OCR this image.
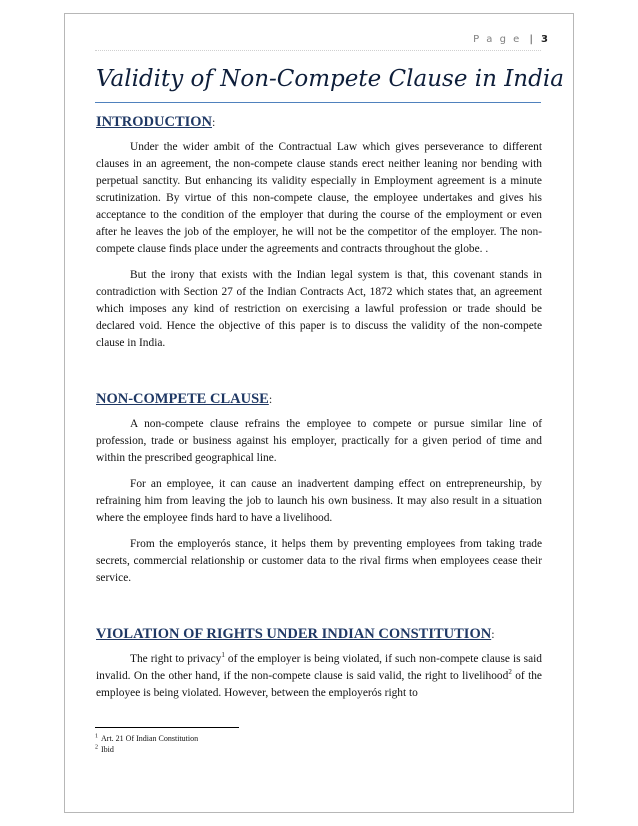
P a g e | 3
Validity of Non-Compete Clause in India
INTRODUCTION:

Under the wider ambit of the Contractual Law which gives perseverance to different clauses in an agreement, the non-compete clause stands erect neither leaning nor bending with perpetual sanctity. But enhancing its validity especially in Employment agreement is a minute scrutinization. By virtue of this non-compete clause, the employee undertakes and gives his acceptance to the condition of the employer that during the course of the employment or even after he leaves the job of the employer, he will not be the competitor of the employer. The non-compete clause finds place under the agreements and contracts throughout the globe. .

But the irony that exists with the Indian legal system is that, this covenant stands in contradiction with Section 27 of the Indian Contracts Act, 1872 which states that, an agreement which imposes any kind of restriction on exercising a lawful profession or trade should be declared void. Hence the objective of this paper is to discuss the validity of the non-compete clause in India.

NON-COMPETE CLAUSE:

A non-compete clause refrains the employee to compete or pursue similar line of profession, trade or business against his employer, practically for a given period of time and within the prescribed geographical line.

For an employee, it can cause an inadvertent damping effect on entrepreneurship, by refraining him from leaving the job to launch his own business. It may also result in a situation where the employee finds hard to have a livelihood.

From the employerós stance, it helps them by preventing employees from taking trade secrets, commercial relationship or customer data to the rival firms when employees cease their service.

VIOLATION OF RIGHTS UNDER INDIAN CONSTITUTION:

The right to privacy$^1$ of the employer is being violated, if such non-compete clause is said invalid. On the other hand, if the non-compete clause is said valid, the right to livelihood$^2$ of the employee is being violated. However, between the employerós right to

$^1$ Art. 21 Of Indian Constitution
$^2$ Ibid
